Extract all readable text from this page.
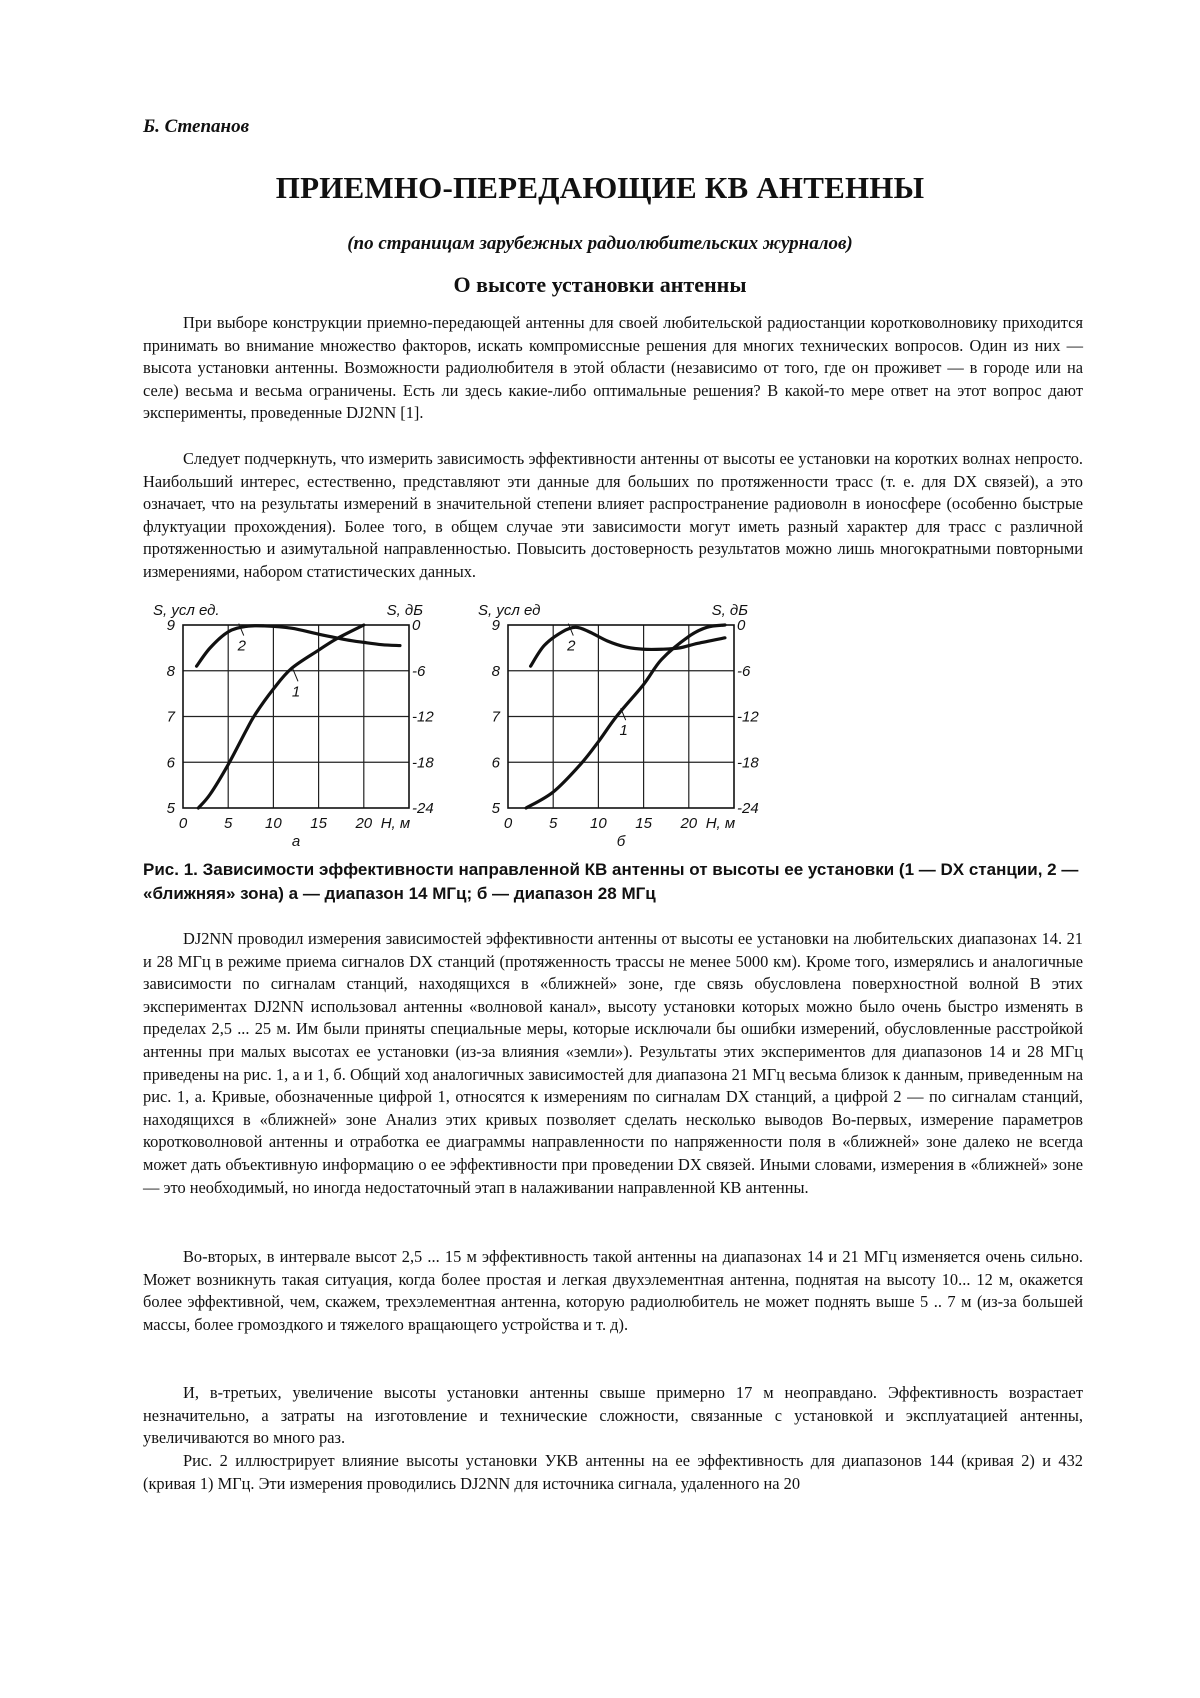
Б. Степанов
ПРИЕМНО-ПЕРЕДАЮЩИЕ КВ АНТЕННЫ
(по страницам зарубежных радиолюбительских журналов)
О высоте установки антенны

При выборе конструкции приемно-передающей антенны для своей любительской радиостанции коротковолновику приходится принимать во внимание множество факторов, искать компромиссные решения для многих технических вопросов. Один из них — высота установки антенны. Возможности радиолюбителя в этой области (независимо от того, где он проживет — в городе или на селе) весьма и весьма ограничены. Есть ли здесь какие-либо оптимальные решения? В какой-то мере ответ на этот вопрос дают эксперименты, проведенные DJ2NN [1].

Следует подчеркнуть, что измерить зависимость эффективности антенны от высоты ее установки на коротких волнах непросто. Наибольший интерес, естественно, представляют эти данные для больших по протяженности трасс (т. е. для DX связей), а это означает, что на результаты измерений в значительной степени влияет распространение радиоволн в ионосфере (особенно быстрые флуктуации прохождения). Более того, в общем случае эти зависимости могут иметь разный характер для трасс с различной протяженностью и азимутальной направленностью. Повысить достоверность результатов можно лишь многократными повторными измерениями, набором статистических данных.

5
6
7
8
9
-24
-18
-12
-6
0
0 5 10 15 20 H, м
а
S, усл ед.	S, дБ
1
2
5
6
7
8
9
-24
-18
-12
-6
0
0 5 10 15 20 H, м
б
S, усл ед	S, дБ
1
2
Рис. 1. Зависимости эффективности направленной КВ антенны от высоты ее установки (1 — DX станции, 2 — «ближняя» зона) а — диапазон 14 МГц; б — диапазон 28 МГц

DJ2NN проводил измерения зависимостей эффективности антенны от высоты ее установки на любительских диапазонах 14. 21 и 28 МГц в режиме приема сигналов DX станций (протяженность трассы не менее 5000 км). Кроме того, измерялись и аналогичные зависимости по сигналам станций, находящихся в «ближней» зоне, где связь обусловлена поверхностной волной В этих экспериментах DJ2NN использовал антенны «волновой канал», высоту установки которых можно было очень быстро изменять в пределах 2,5 ... 25 м. Им были приняты специальные меры, которые исключали бы ошибки измерений, обусловленные расстройкой антенны при малых высотах ее установки (из-за влияния «земли»). Результаты этих экспериментов для диапазонов 14 и 28 МГц приведены на рис. 1, а и 1, б. Общий ход аналогичных зависимостей для диапазона 21 МГц весьма близок к данным, приведенным на рис. 1, а. Кривые, обозначенные цифрой 1, относятся к измерениям по сигналам DX станций, а цифрой 2 — по сигналам станций, находящихся в «ближней» зоне Анализ этих кривых позволяет сделать несколько выводов Во-первых, измерение параметров коротковолновой антенны и отработка ее диаграммы направленности по напряженности поля в «ближней» зоне далеко не всегда может дать объективную информацию о ее эффективности при проведении DX связей. Иными словами, измерения в «ближней» зоне — это необходимый, но иногда недостаточный этап в налаживании направленной КВ антенны.

Во-вторых, в интервале высот 2,5 ... 15 м эффективность такой антенны на диапазонах 14 и 21 МГц изменяется очень сильно. Может возникнуть такая ситуация, когда более простая и легкая двухэлементная антенна, поднятая на высоту 10... 12 м, окажется более эффективной, чем, скажем, трехэлементная антенна, которую радиолюбитель не может поднять выше 5 .. 7 м (из-за большей массы, более громоздкого и тяжелого вращающего устройства и т. д).

И, в-третьих, увеличение высоты установки антенны свыше примерно 17 м неоправдано. Эффективность возрастает незначительно, а затраты на изготовление и технические сложности, связанные с установкой и эксплуатацией антенны, увеличиваются во много раз.

Рис. 2 иллюстрирует влияние высоты установки УКВ антенны на ее эффективность для диапазонов 144 (кривая 2) и 432 (кривая 1) МГц. Эти измерения проводились DJ2NN для источника сигнала, удаленного на 20
